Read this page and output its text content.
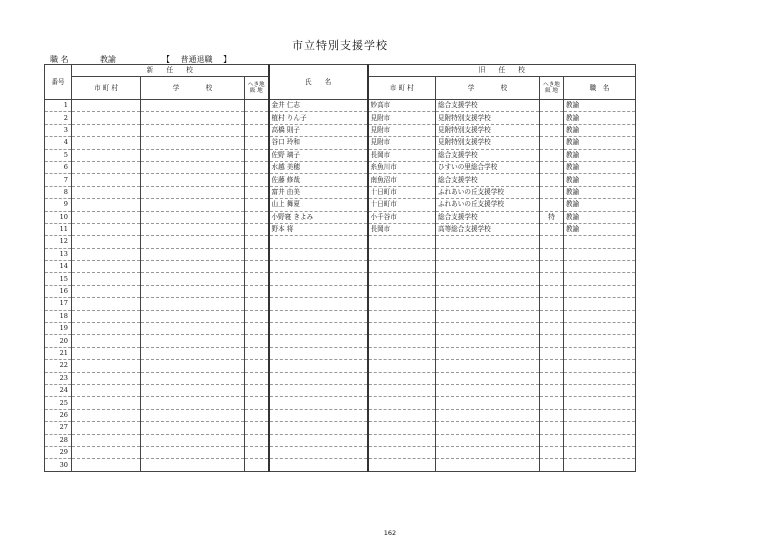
市立特別支援学校
職 名	教諭	【　 普通退職　 】
番号	新　　任　　校			氏　　名	旧　　任　　校			
	市 町 村	学　　　　校	へき地
級 地		市 町 村	学　　　　校	へき地
級 地	職　名
1				金井 仁志	妙高市	総合支援学校		教諭
2				植村 りん子	見附市	見附特別支援学校		教諭
3				高橋 則子	見附市	見附特別支援学校		教諭
4				谷口 玲和	見附市	見附特別支援学校		教諭
5				佐野 璃子	長岡市	総合支援学校		教諭
6				水越 美穂	糸魚川市	ひすいの里総合学校		教諭
7				佐藤 修哉	南魚沼市	総合支援学校		教諭
8				富井 由美	十日町市	ふれあいの丘支援学校		教諭
9				山上 舞夏	十日町市	ふれあいの丘支援学校		教諭
10				小野寝 きよみ	小千谷市	総合支援学校	特	教諭
11				野本 将	長岡市	高等総合支援学校		教諭
12								
13								
14								
15								
16								
17								
18								
19								
20								
21								
22								
23								
24								
25								
26								
27								
28								
29								
30								
162
